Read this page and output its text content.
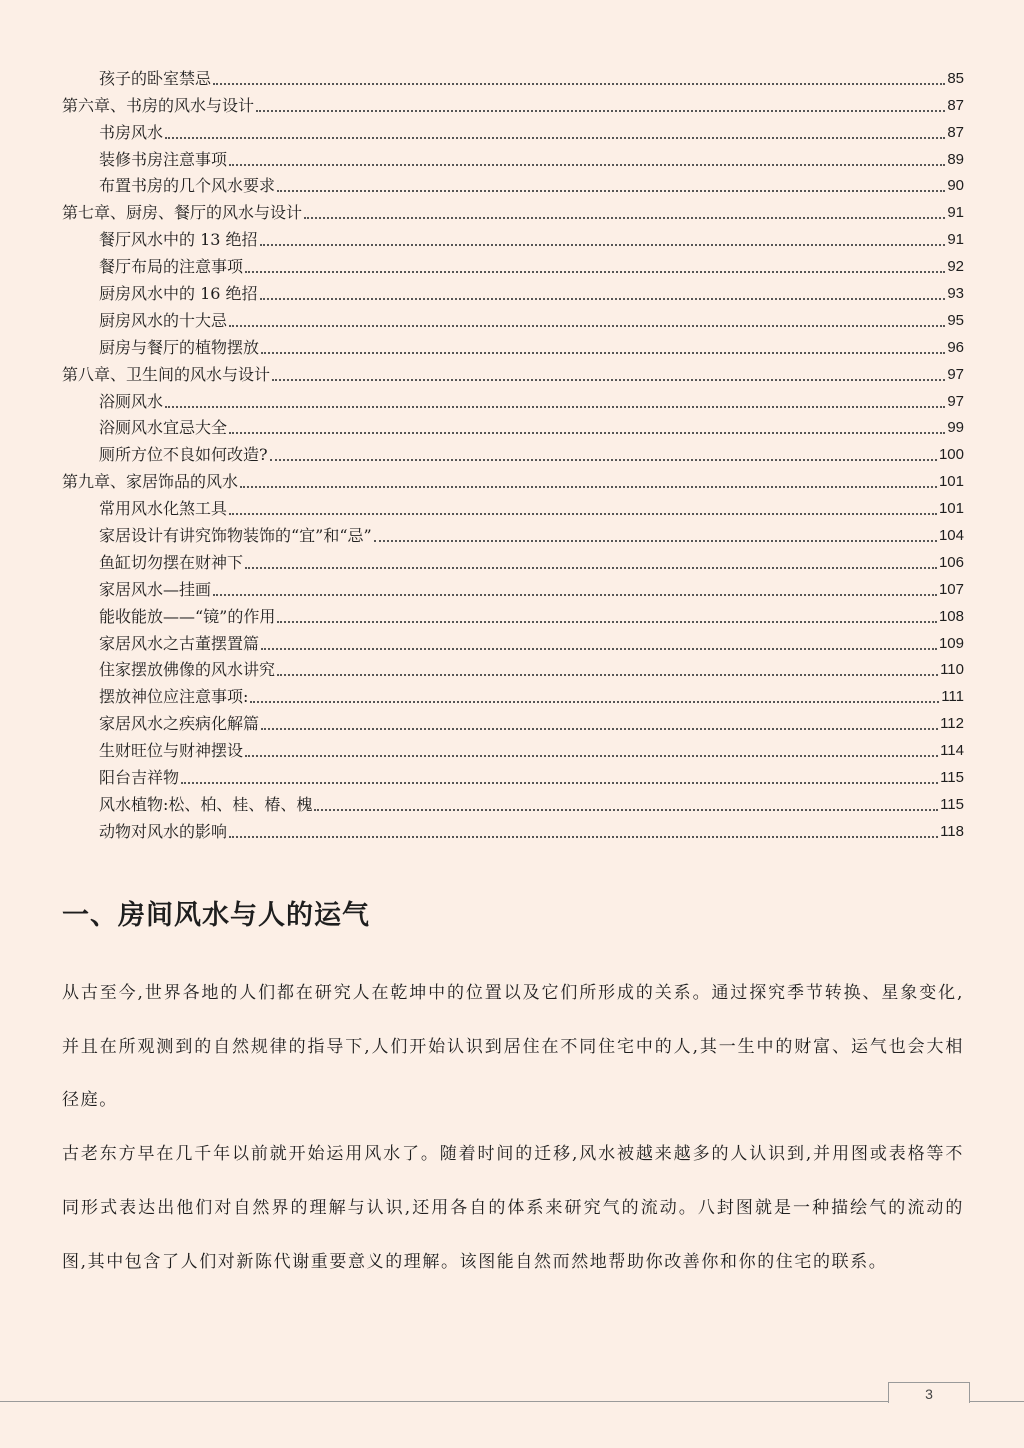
孩子的卧室禁忌	85
第六章、书房的风水与设计	87
书房风水	87
装修书房注意事项	89
布置书房的几个风水要求	90
第七章、厨房、餐厅的风水与设计	91
餐厅风水中的 13 绝招	91
餐厅布局的注意事项	92
厨房风水中的 16 绝招	93
厨房风水的十大忌	95
厨房与餐厅的植物摆放	96
第八章、卫生间的风水与设计	97
浴厕风水	97
浴厕风水宜忌大全	99
厕所方位不良如何改造?	100
第九章、家居饰品的风水	101
常用风水化煞工具	101
家居设计有讲究饰物装饰的“宜”和“忌”	104
鱼缸切勿摆在财神下	106
家居风水—挂画	107
能收能放——“镜”的作用	108
家居风水之古董摆置篇	109
住家摆放佛像的风水讲究	110
摆放神位应注意事项:	111
家居风水之疾病化解篇	112
生财旺位与财神摆设	114
阳台吉祥物	115
风水植物:松、柏、桂、椿、槐	115
动物对风水的影响	118
一、房间风水与人的运气

从古至今,世界各地的人们都在研究人在乾坤中的位置以及它们所形成的关系。通过探究季节转换、星象变化,并且在所观测到的自然规律的指导下,人们开始认识到居住在不同住宅中的人,其一生中的财富、运气也会大相径庭。

古老东方早在几千年以前就开始运用风水了。随着时间的迁移,风水被越来越多的人认识到,并用图或表格等不同形式表达出他们对自然界的理解与认识,还用各自的体系来研究气的流动。八封图就是一种描绘气的流动的图,其中包含了人们对新陈代谢重要意义的理解。该图能自然而然地帮助你改善你和你的住宅的联系。

3
